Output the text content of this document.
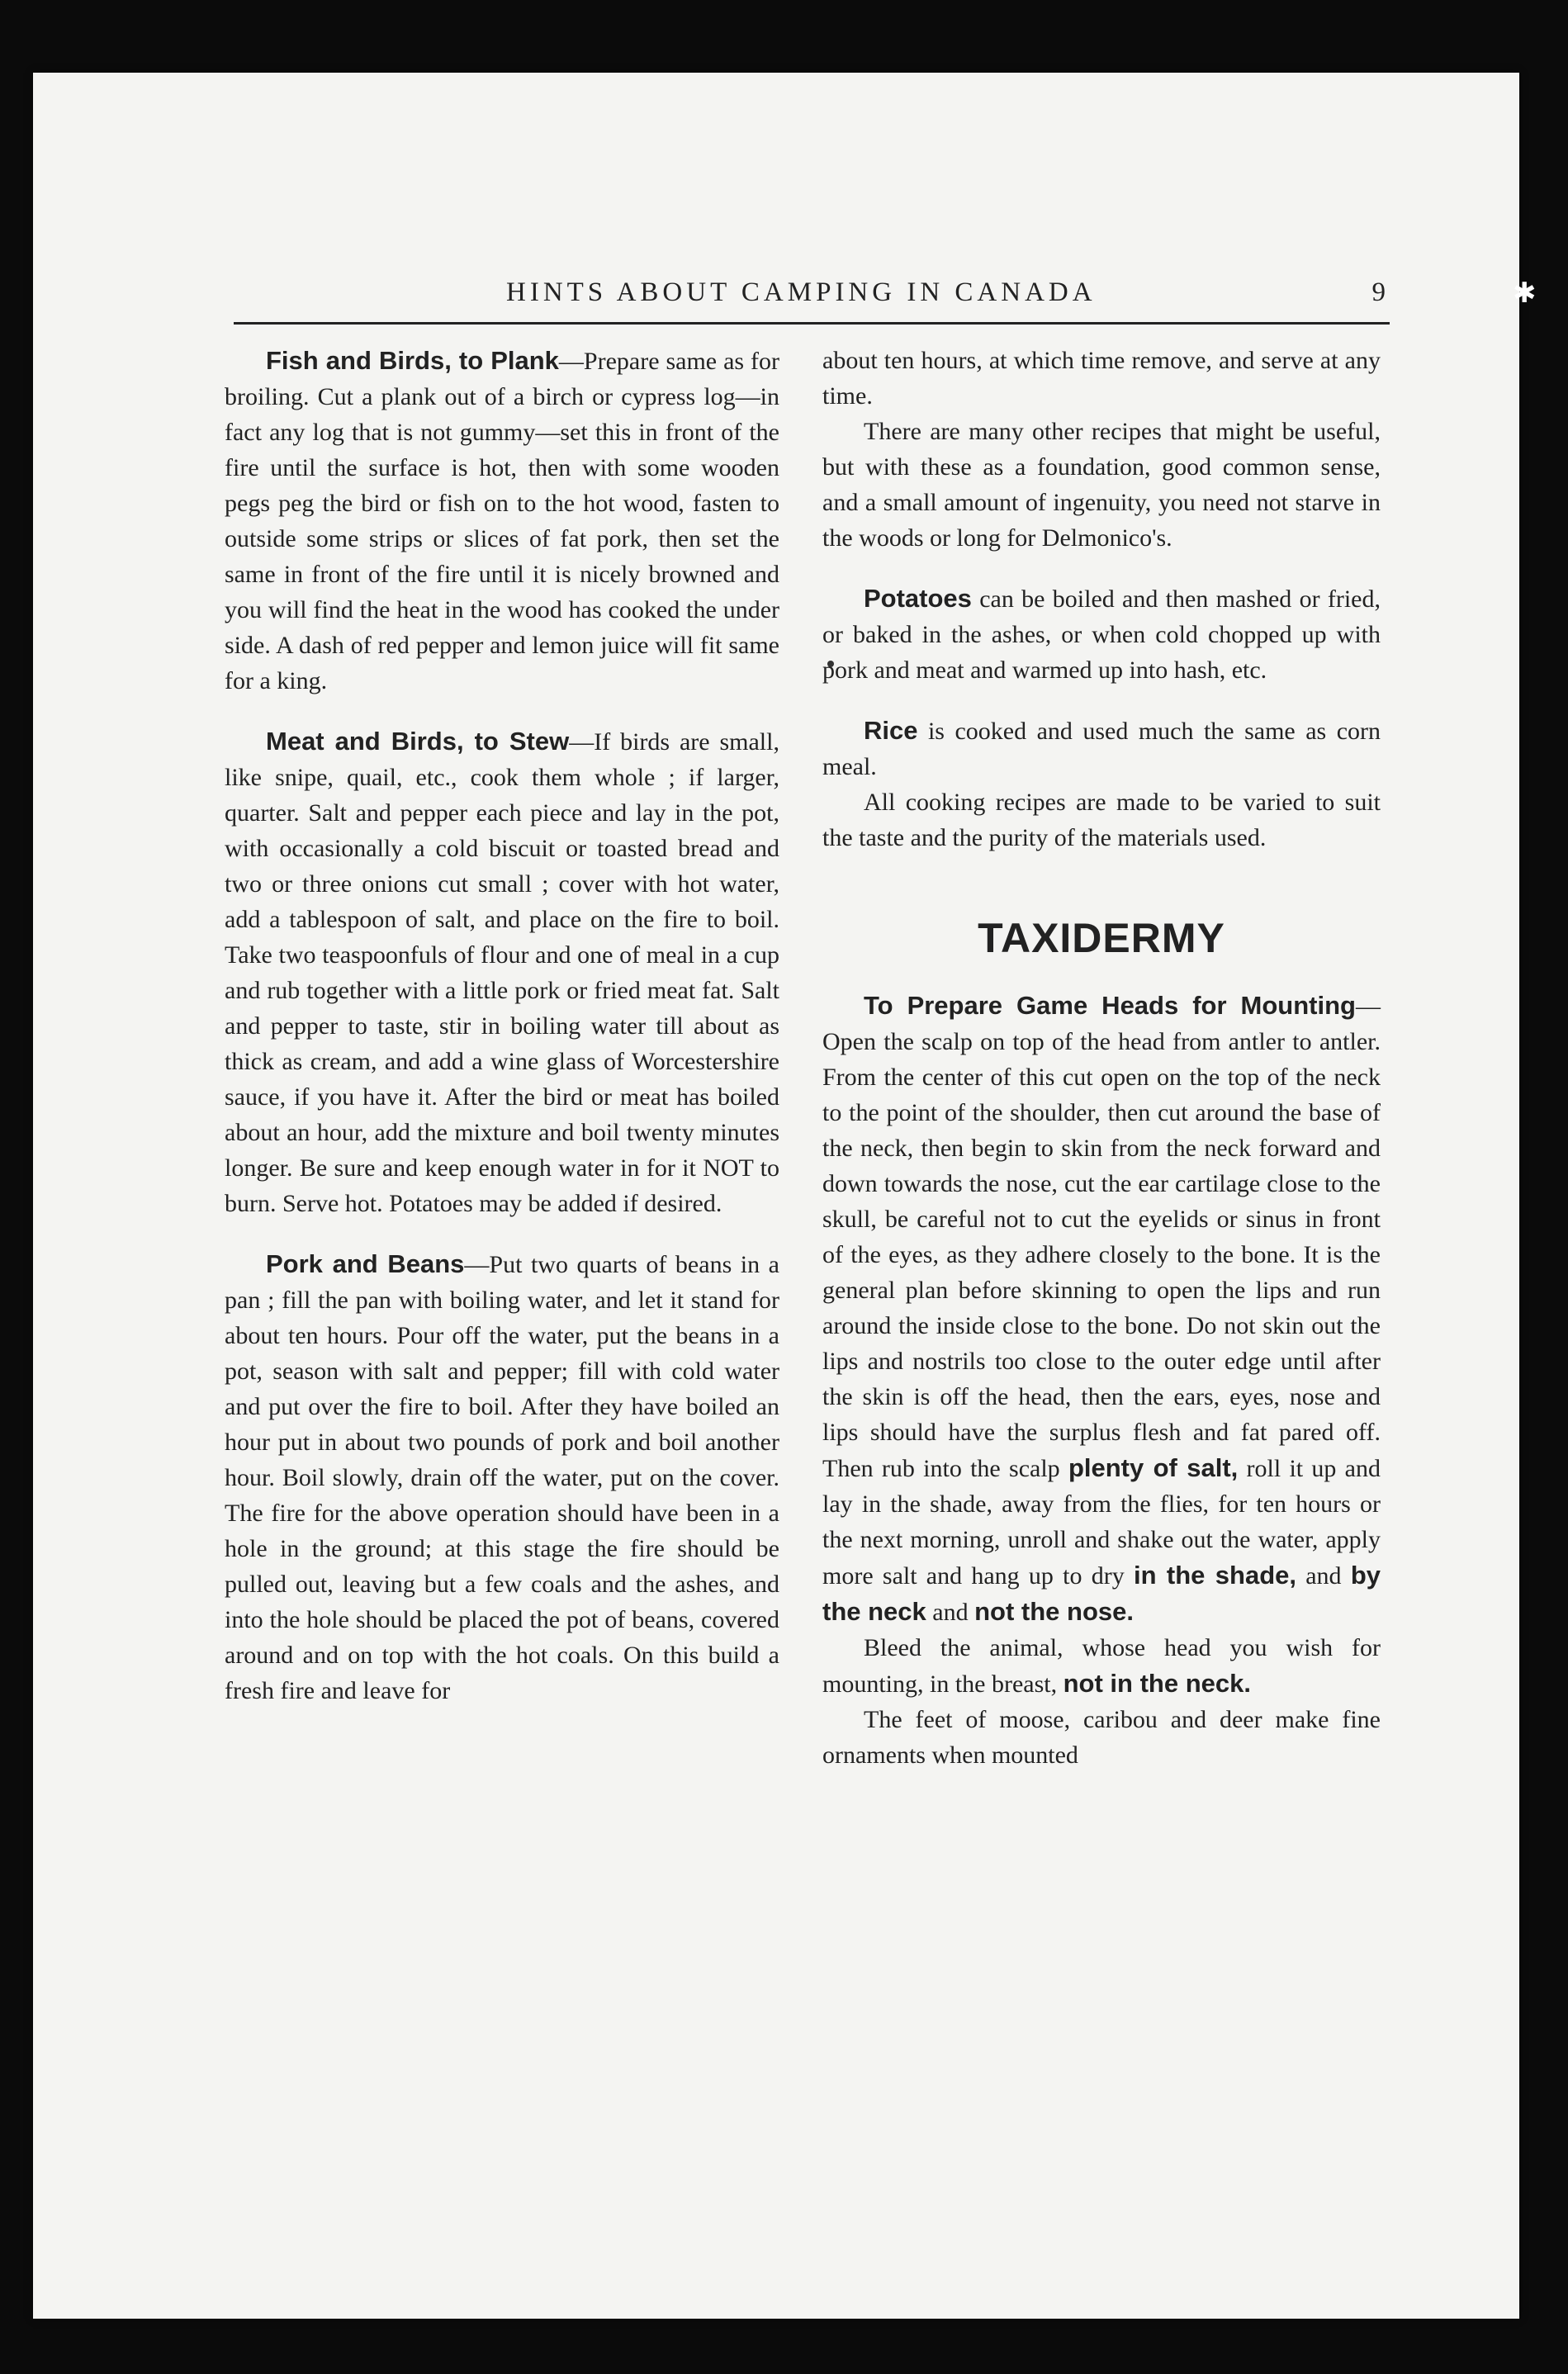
HINTS ABOUT CAMPING IN CANADA	9	✱

Fish and Birds, to Plank—Prepare same as for broiling. Cut a plank out of a birch or cypress log—in fact any log that is not gummy—set this in front of the fire until the surface is hot, then with some wooden pegs peg the bird or fish on to the hot wood, fasten to outside some strips or slices of fat pork, then set the same in front of the fire until it is nicely browned and you will find the heat in the wood has cooked the under side. A dash of red pepper and lemon juice will fit same for a king.

Meat and Birds, to Stew—If birds are small, like snipe, quail, etc., cook them whole ; if larger, quarter. Salt and pepper each piece and lay in the pot, with occasionally a cold biscuit or toasted bread and two or three onions cut small ; cover with hot water, add a tablespoon of salt, and place on the fire to boil. Take two teaspoonfuls of flour and one of meal in a cup and rub together with a little pork or fried meat fat. Salt and pepper to taste, stir in boiling water till about as thick as cream, and add a wine glass of Worcestershire sauce, if you have it. After the bird or meat has boiled about an hour, add the mixture and boil twenty minutes longer. Be sure and keep enough water in for it NOT to burn. Serve hot. Potatoes may be added if desired.

Pork and Beans—Put two quarts of beans in a pan ; fill the pan with boiling water, and let it stand for about ten hours. Pour off the water, put the beans in a pot, season with salt and pepper; fill with cold water and put over the fire to boil. After they have boiled an hour put in about two pounds of pork and boil another hour. Boil slowly, drain off the water, put on the cover. The fire for the above operation should have been in a hole in the ground; at this stage the fire should be pulled out, leaving but a few coals and the ashes, and into the hole should be placed the pot of beans, covered around and on top with the hot coals. On this build a fresh fire and leave for

about ten hours, at which time remove, and serve at any time.

There are many other recipes that might be useful, but with these as a foundation, good common sense, and a small amount of ingenuity, you need not starve in the woods or long for Delmonico's.

Potatoes can be boiled and then mashed or fried, or baked in the ashes, or when cold chopped up with pork and meat and warmed up into hash, etc.

Rice is cooked and used much the same as corn meal.

All cooking recipes are made to be varied to suit the taste and the purity of the materials used.

TAXIDERMY

To Prepare Game Heads for Mounting—Open the scalp on top of the head from antler to antler. From the center of this cut open on the top of the neck to the point of the shoulder, then cut around the base of the neck, then begin to skin from the neck forward and down towards the nose, cut the ear cartilage close to the skull, be careful not to cut the eyelids or sinus in front of the eyes, as they adhere closely to the bone. It is the general plan before skinning to open the lips and run around the inside close to the bone. Do not skin out the lips and nostrils too close to the outer edge until after the skin is off the head, then the ears, eyes, nose and lips should have the surplus flesh and fat pared off. Then rub into the scalp plenty of salt, roll it up and lay in the shade, away from the flies, for ten hours or the next morning, unroll and shake out the water, apply more salt and hang up to dry in the shade, and by the neck and not the nose.

Bleed the animal, whose head you wish for mounting, in the breast, not in the neck.

The feet of moose, caribou and deer make fine ornaments when mounted
